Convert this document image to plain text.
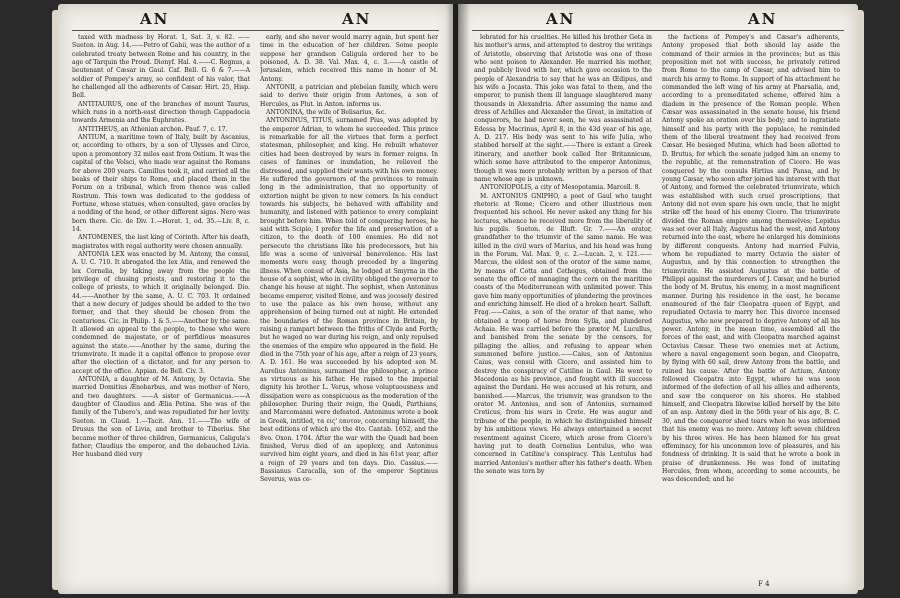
AN	AN

taxed with madness by Horat. 1, Sat. 3, v. 82. ——Sueton. in Aug. 14.——Petro of Gabii, was the author of a celebrated treaty between Rome and his country, in the age of Tarquin the Proud. Dionyf. Hal. 4.——C. Regnus, a lieutenant of Cæsar in Gaul. Caf. Bell. G. 6 & 7.——A soldier of Pompey's army, so confident of his valor, that he challenged all the adherents of Cæsar. Hirt. 25, Hisp. Bell.

ANTITAURUS, one of the branches of mount Taurus, which runs in a north-east direction though Cappadocia towards Armenia and the Euphrates.

ANTITHEUS, an Athenian archon. Pauf. 7, c. 17.

ANTIUM, a maritime town of Italy, built by Ascanius, or, according to others, by a son of Ulysses and Circe, upon a promontory 32 miles east from Ostium. It was the capital of the Volsci, who made war against the Romans for above 200 years. Camillus took it, and carried all the beaks of their ships to Rome, and placed them in the Forum on a tribunal, which from thence was called Rostrum. This town was dedicated to the goddess of Fortune, whose statues, when consulted, gave oracles by a nodding of the head, or other different signs. Nero was born there. Cic. de Div. 1.—Horat. 1, od. 35.—Liv. 8, c. 14.

ANTOMENES, the last king of Corinth. After his death, magistrates with regal authority were chosen annually.

ANTONIA LEX was enacted by M. Antony, the consul, A. U. C. 710. It abrogated the lex Atia, and renewed the lex Cornelia, by taking away from the people the privilege of chusing priests, and restoring it to the college of priests, to which it originally belonged. Dio. 44.——Another by the same, A. U. C. 703. It ordained that a new decury of judges should be added to the two former, and that they should be chosen from the centurions. Cic. in Philip. 1 & 5.——Another by the same. It allowed an appeal to the people, to those who were condemned de majestate, or of perfidious measures against the state.——Another by the same, during the triumvirate. It made it a capital offence to propose ever after the election of a dictator, and for any person to accept of the office. Appian. de Bell. Civ. 3.

ANTONIA, a daughter of M. Antony, by Octavia. She married Domitius Ænobarbus, and was mother of Nero, and two daughters. ——A sister of Germanicus.——A daughter of Claudius and Ælia Petina. She was of the family of the Tubero's, and was repudiated for her levity. Sueton. in Claud. 1.—Tacit. Ann. 11.——The wife of Drusus the son of Livia, and brother to Tiberius. She became mother of three children, Germanicus, Caligula's father; Claudius the emperor, and the debauched Livia. Her husband died very

early, and she never would marry again, but spent her time in the education of her children. Some people suppose her grandson Caligula ordered her to be poisoned, A. D. 38. Val. Max. 4, c. 3.——A castle of Jerusalem, which received this name in honor of M. Antony.

ANTONII, a patrician and plebeian family, which were said to derive their origin from Antones, a son of Hercules, as Plut. in Anton. informs us.

ANTONINA, the wife of Belisarius, &c.

ANTONINUS, TITUS, surnamed Pius, was adopted by the emperor Adrian, to whom he succeeded. This prince is remarkable for all the virtues that form a perfect statesman, philosopher, and king. He rebuilt whatever cities had been destroyed by wars in former reigns. In cases of famines or inundation, he relieved the distressed, and supplied their wants with his own money. He suffered the governors of the provinces to remain long in the administration, that no opportunity of extortion might be given to new comers. In his conduct towards his subjects, he behaved with affability and humanity, and listened with patience to every complaint brought before him. When told of conquering heroes, he said with Scipio, I prefer the life and preservation of a citizen, to the death of 100 enemies. He did not persecute the christians like his predecessors, but his life was a scene of universal benevolence. His last moments were easy, though preceded by a lingering illness. When consul of Asia, he lodged at Smyrna in the house of a sophist, who in civility obliged the governor to change his house at night. The sophist, when Antoninus became emperor, visited Rome, and was jocosely desired to use the palace as his own house, without any apprehension of being turned out at night. He extended the boundaries of the Roman province in Britain, by raising a rampart between the friths of Clyde and Forth; but he waged no war during his reign, and only repulsed the enemies of the empire who appeared in the field. He died in the 75th year of his age, after a reign of 23 years, A. D. 161. He was succeeded by his adopted son M. Aurelius Antoninus, surnamed the philosopher, a prince as virtuous as his father. He raised to the imperial dignity his brother L. Verus, whose voluptuousness and dissipation were as conspicuous as the moderation of the philosopher. During their reign, the Quadi, Parthians, and Marcomanni were defeated. Antoninus wrote a book in Greek, intitled, τα εις' εαυτον, concerning himself, the best editions of which are the 4to. Cantab. 1652, and the 8vo. Oxon. 1704. After the war with the Quadi had been finished, Verus died of an apoplexy, and Antoninus survived him eight years, and died in his 61st year, after a reign of 29 years and ten days. Dio. Cassius.——Bassianus Caracalla, son of the emperor Septimus Severus, was ce-

AN	AN

lebrated for his cruelties. He killed his brother Geta in his mother's arms, and attempted to destroy the writings of Aristotle, observing that Aristotle was one of those who sent poison to Alexander. He married his mother, and publicly lived with her, which gave occasion to the people of Alexandria to say that he was an Œdipus, and his wife a Jocasta. This joke was fatal to them, and the emperor, to punish them ill language slaughtered many thousands in Alexandria. After assuming the name and dress of Achilles and Alexander the Great, in imitation of conquerors, he had never seen, he was assassinated at Edessa by Macrinus, April 8, in the 43d year of his age, A. D. 217. His body was sent to his wife Julia, who stabbed herself at the sight.——There is extant a Greek itinerary, and another book called Iter Britannicum, which some have attributed to the emperor Antoninus, though it was more probably written by a person of that name whose age is unknown.

ANTONIOPOLIS, a city of Mesopotamia. Marcell. 8.

M. ANTONIUS GNIPHO, a poet of Gaul who taught rhetoric at Rome; Cicero and other illustrious men frequented his school. He never asked any thing for his lectures, whence he received more from the liberality of his pupils. Sueton. de Illuft. Gr. 7.——An orator, grandfather to the triumvir of the same name. He was killed in the civil wars of Marius, and his head was hung in the Forum. Val. Max. 9, c. 2.—Lucan. 2, v. 121.——Marcus, the eldest son of the orator of the same name, by means of Cotta and Cethegus, obtained from the senate the office of managing the corn on the maritime coasts of the Mediterranean with unlimited power. This gave him many opportunities of plundering the provinces and enriching himself. He died of a broken heart. Salluft. Frag.——Caius, a son of the orator of that name, who obtained a troop of horse from Sylla, and plundered Achaia. He was carried before the prætor M. Lucullus, and banished from the senate by the censors, for pillaging the allies, and refusing to appear when summoned before justice.——Caius, son of Antonius Caius, was consul with Cicero, and assisted him to destroy the conspiracy of Catiline in Gaul. He went to Macedonia as his province, and fought with ill success against the Dardani. He was accused at his return, and banished.——Marcus, the triumvir, was grandson to the orator M. Antonius, and son of Antonius, surnamed Creticus, from his wars in Crete. He was augur and tribune of the people, in which he distinguished himself by his ambitious views. He always entertained a secret resentment against Cicero, which arose from Cicero's having put to death Cornelius Lentulus, who was concerned in Catiline's conspiracy. This Lentulus had married Antonius's mother after his father's death. When the senate was torn by

the factions of Pompey's and Cæsar's adherents, Antony proposed that both should lay aside the command of their armies in the provinces; but as this proposition met not with success, he privately retired from Rome to the camp of Cæsar, and advised him to march his army to Rome. In support of his attachment he commanded the left wing of his army at Pharsalia, and, according to a premeditated scheme, offered him a diadem in the presence of the Roman people. When Cæsar was assassinated in the senate house, his friend Antony spoke an oration over his body; and to ingratiate himself and his party with the populace, he reminded them of the liberal treatment they had received from Cæsar. He besieged Mutina, which had been allotted to D. Brutus, for which the senate judged him an enemy to the republic, at the remonstration of Cicero. He was conquered by the consuls Hirtius and Pansa, and by young Cæsar, who soon after joined his interest with that of Antony, and formed the celebrated triumvirate, which was established with such cruel proscriptions, that Antony did not even spare his own uncle, that he might strike off the head of his enemy Cicero. The triumvirate divided the Roman empire among themselves; Lepidus was set over all Italy, Augustus had the west, and Antony returned into the east, where he enlarged his dominions by different conquests. Antony had married Fulvia, whom he repudiated to marry Octavia the sister of Augustus, and by this connection to strengthen the triumvirate. He assisted Augustus at the battle of Philippi against the murderers of J. Cæsar, and he buried the body of M. Brutus, his enemy, in a most magnificent manner. During his residence in the east, he became enamoured of the fair Cleopatra queen of Egypt, and repudiated Octavia to marry her. This divorce incensed Augustus, who now prepared to deprive Antony of all his power. Antony, in the mean time, assembled all the forces of the east, and with Cleopatra marched against Octavius Cæsar. These two enemies met at Actium, where a naval engagement soon began, and Cleopatra, by flying with 60 sail, drew Antony from the battle, and ruined his cause. After the battle of Actium, Antony followed Cleopatra into Egypt, where he was soon informed of the defection of all his allies and adherents, and saw the conqueror on his shores. He stabbed himself, and Cleopatra likewise killed herself by the bite of an asp. Antony died in the 56th year of his age, B. C. 30, and the conqueror shed tears when he was informed that his enemy was no more. Antony left seven children by his three wives. He has been blamed for his great effeminacy, for his uncommon love of pleasures, and his fondness of drinking. It is said that he wrote a book in praise of drunkenness. He was fond of imitating Hercules, from whom, according to some accounts, he was descended; and he

F 4
